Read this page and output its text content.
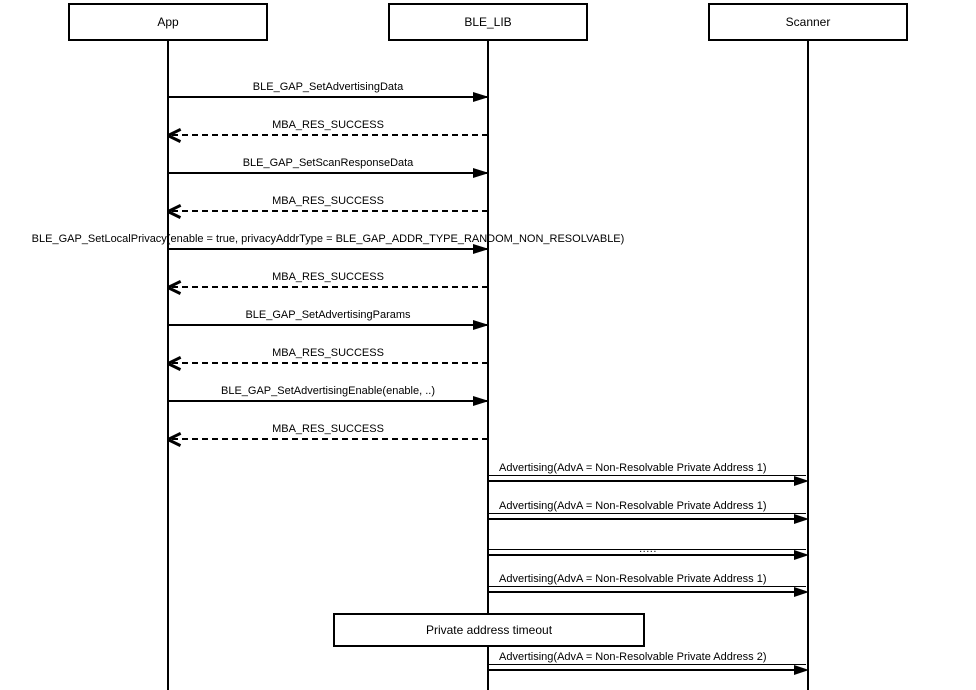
App	BLE_LIB	Scanner
BLE_GAP_SetAdvertisingData
MBA_RES_SUCCESS
BLE_GAP_SetScanResponseData
MBA_RES_SUCCESS
BLE_GAP_SetLocalPrivacy(enable = true, privacyAddrType = BLE_GAP_ADDR_TYPE_RANDOM_NON_RESOLVABLE)
MBA_RES_SUCCESS
BLE_GAP_SetAdvertisingParams
MBA_RES_SUCCESS
BLE_GAP_SetAdvertisingEnable(enable, ..)
MBA_RES_SUCCESS
Advertising(AdvA = Non-Resolvable Private Address 1)
Advertising(AdvA = Non-Resolvable Private Address 1)
.....
Advertising(AdvA = Non-Resolvable Private Address 1)
Private address timeout
Advertising(AdvA = Non-Resolvable Private Address 2)
